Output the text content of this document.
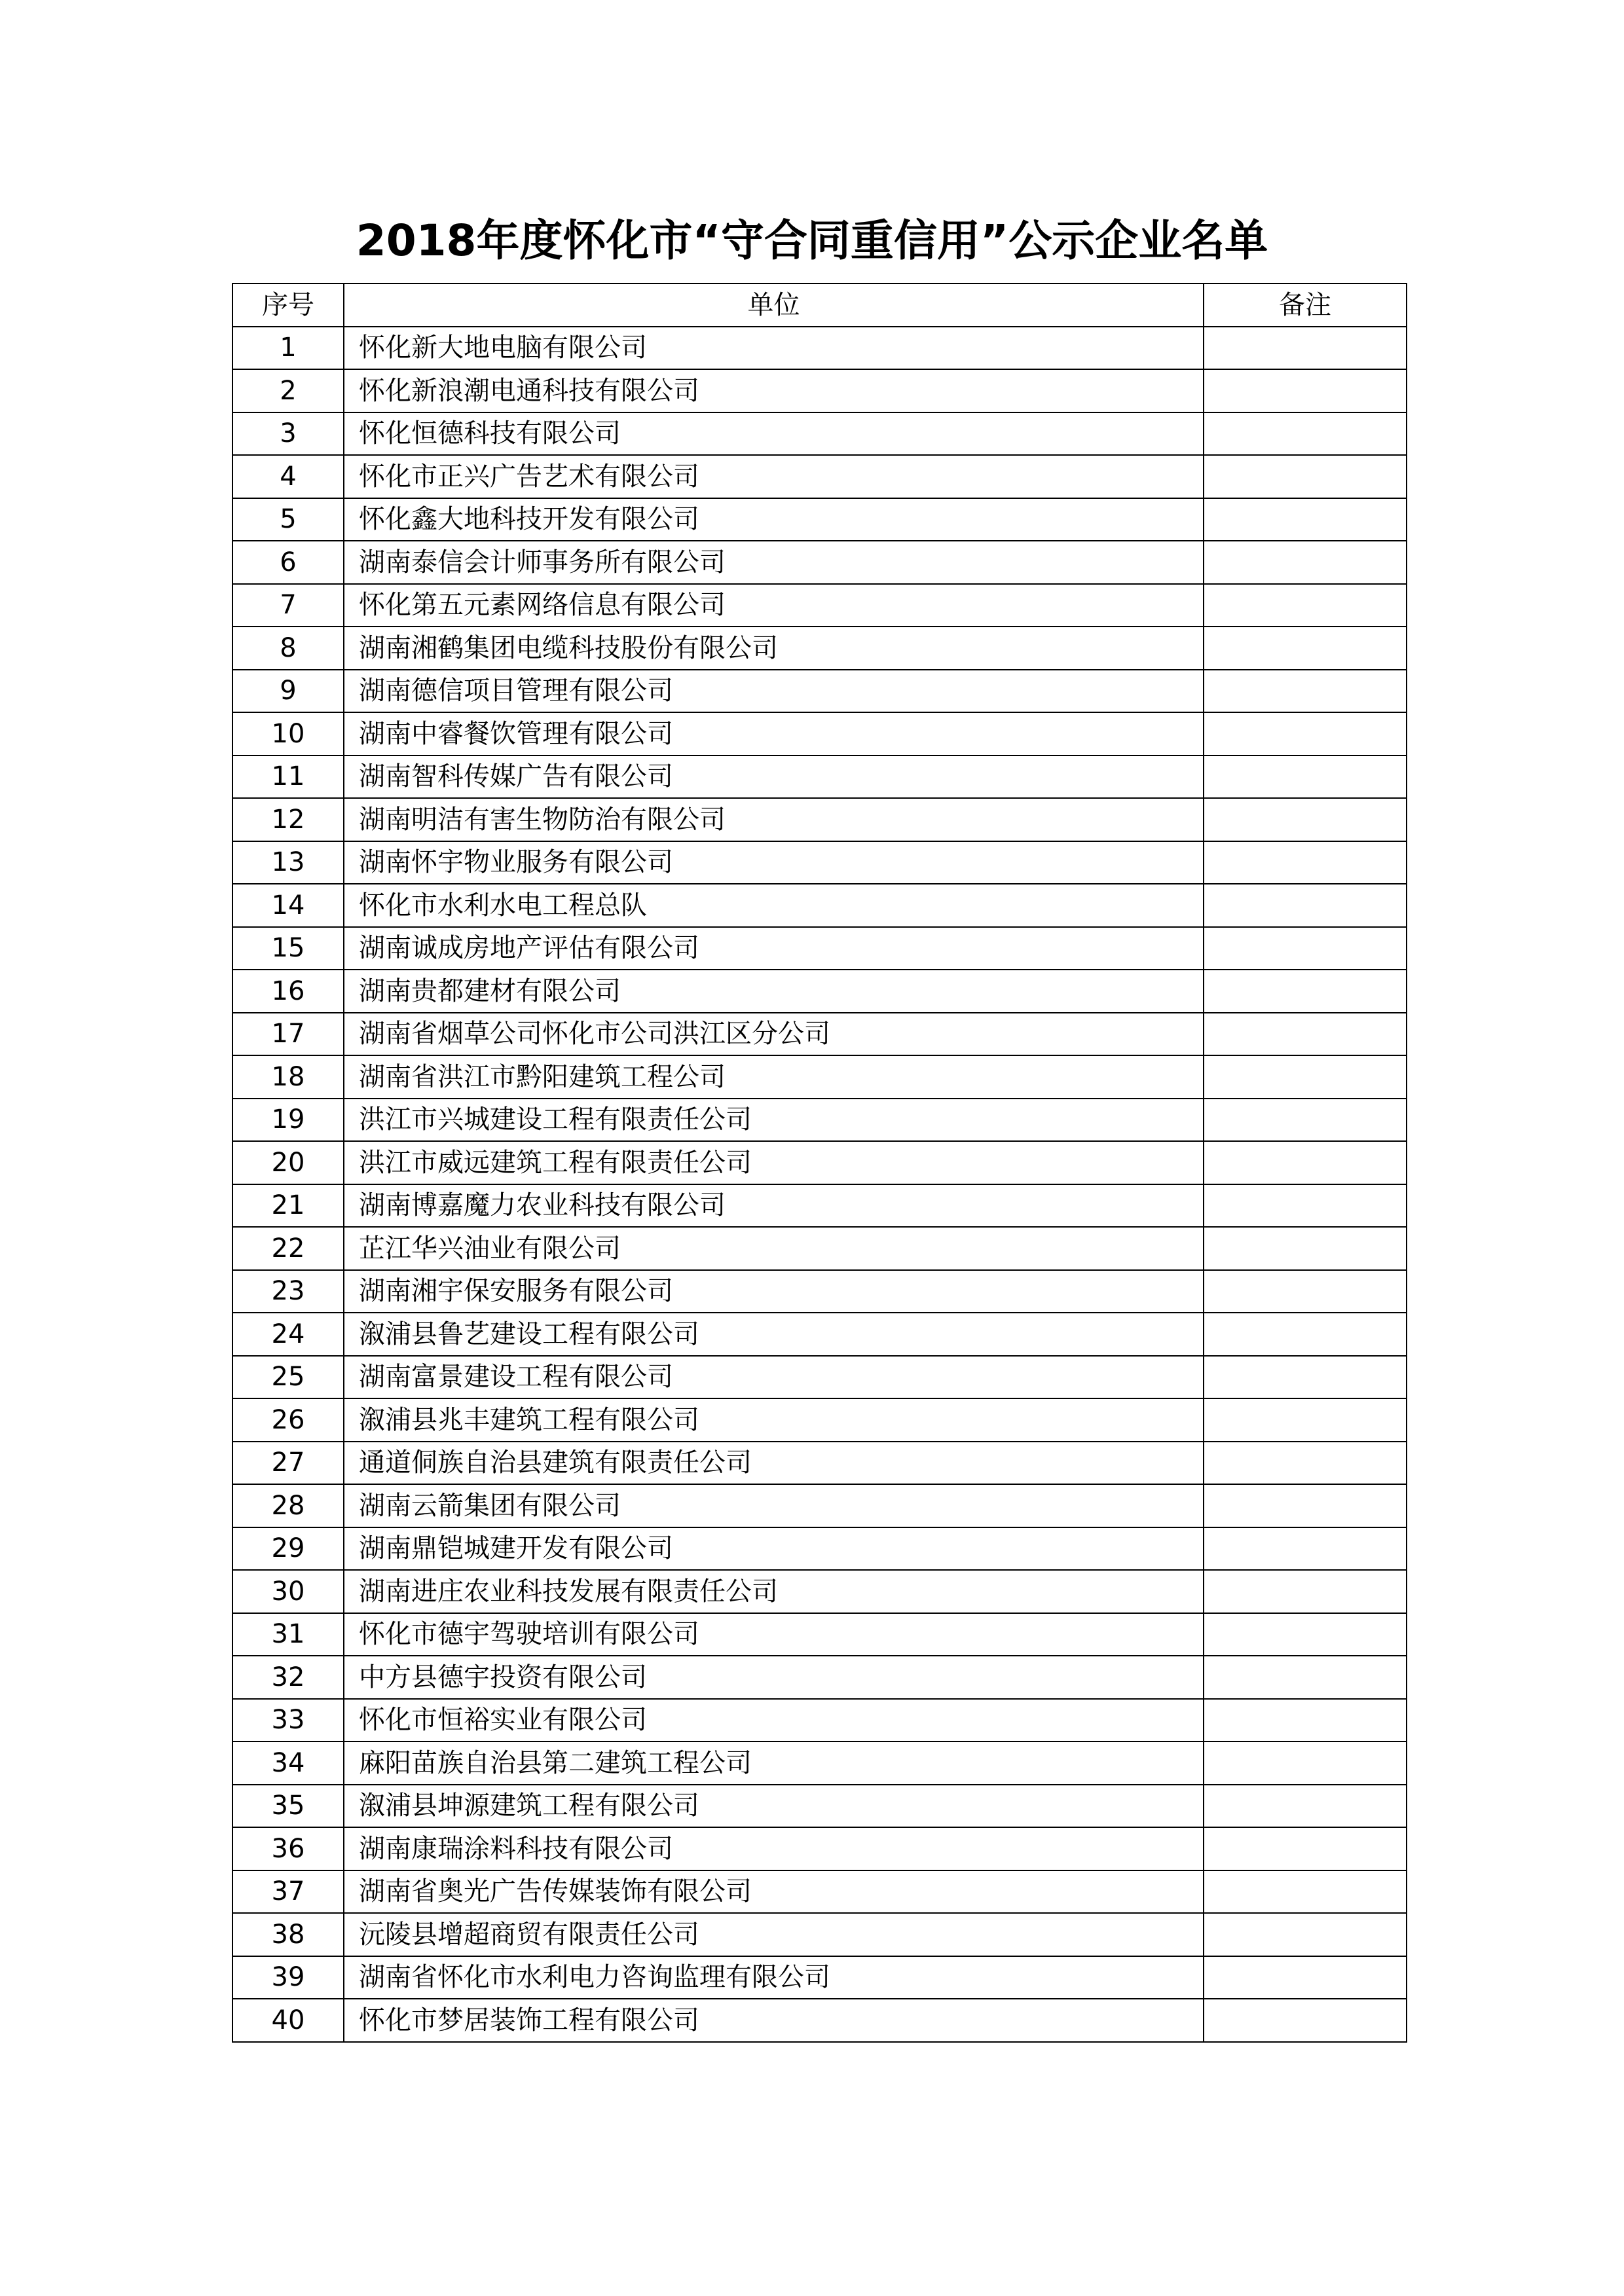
2018年度怀化市“守合同重信用”公示企业名单
序号	单位	备注
1	怀化新大地电脑有限公司	
2	怀化新浪潮电通科技有限公司	
3	怀化恒德科技有限公司	
4	怀化市正兴广告艺术有限公司	
5	怀化鑫大地科技开发有限公司	
6	湖南泰信会计师事务所有限公司	
7	怀化第五元素网络信息有限公司	
8	湖南湘鹤集团电缆科技股份有限公司	
9	湖南德信项目管理有限公司	
10	湖南中睿餐饮管理有限公司	
11	湖南智科传媒广告有限公司	
12	湖南明洁有害生物防治有限公司	
13	湖南怀宇物业服务有限公司	
14	怀化市水利水电工程总队	
15	湖南诚成房地产评估有限公司	
16	湖南贵都建材有限公司	
17	湖南省烟草公司怀化市公司洪江区分公司	
18	湖南省洪江市黔阳建筑工程公司	
19	洪江市兴城建设工程有限责任公司	
20	洪江市威远建筑工程有限责任公司	
21	湖南博嘉魔力农业科技有限公司	
22	芷江华兴油业有限公司	
23	湖南湘宇保安服务有限公司	
24	溆浦县鲁艺建设工程有限公司	
25	湖南富景建设工程有限公司	
26	溆浦县兆丰建筑工程有限公司	
27	通道侗族自治县建筑有限责任公司	
28	湖南云箭集团有限公司	
29	湖南鼎铠城建开发有限公司	
30	湖南进庄农业科技发展有限责任公司	
31	怀化市德宇驾驶培训有限公司	
32	中方县德宇投资有限公司	
33	怀化市恒裕实业有限公司	
34	麻阳苗族自治县第二建筑工程公司	
35	溆浦县坤源建筑工程有限公司	
36	湖南康瑞涂料科技有限公司	
37	湖南省奥光广告传媒装饰有限公司	
38	沅陵县增超商贸有限责任公司	
39	湖南省怀化市水利电力咨询监理有限公司	
40	怀化市梦居装饰工程有限公司	
